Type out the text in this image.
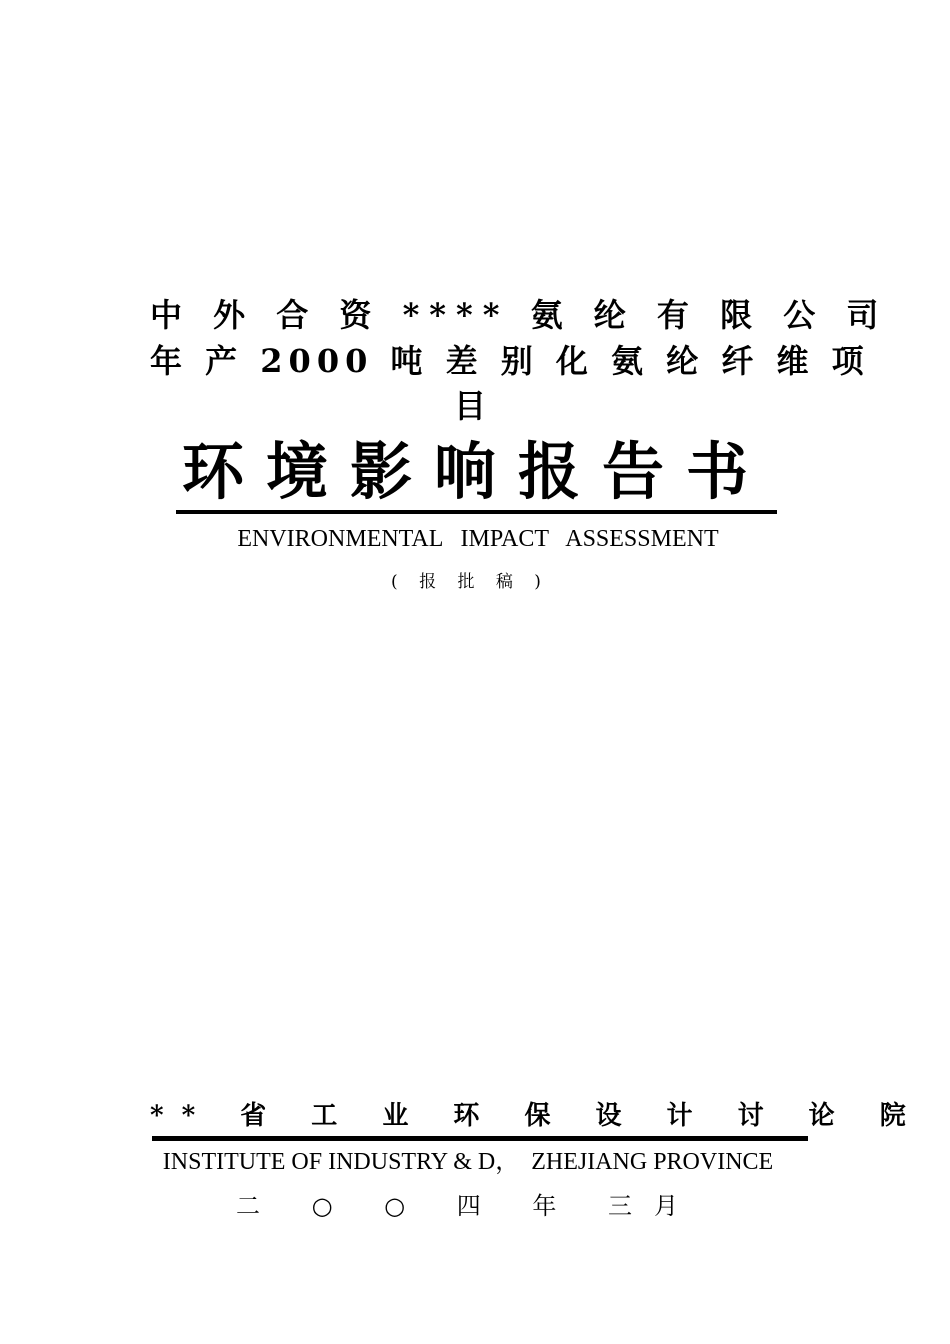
中 外 合 资 **** 氨 纶 有 限 公 司
年 产 2000 吨 差 别 化 氨 纶 纤 维 项
目
环境影响报告书
ENVIRONMENTAL   IMPACT   ASSESSMENT
( 报 批 稿 )
** 省 工 业 环 保 设 计 讨 论 院
INSTITUTE OF INDUSTRY & D，  ZHEJIANG PROVINCE
二 ○ ○ 四 年 三月
